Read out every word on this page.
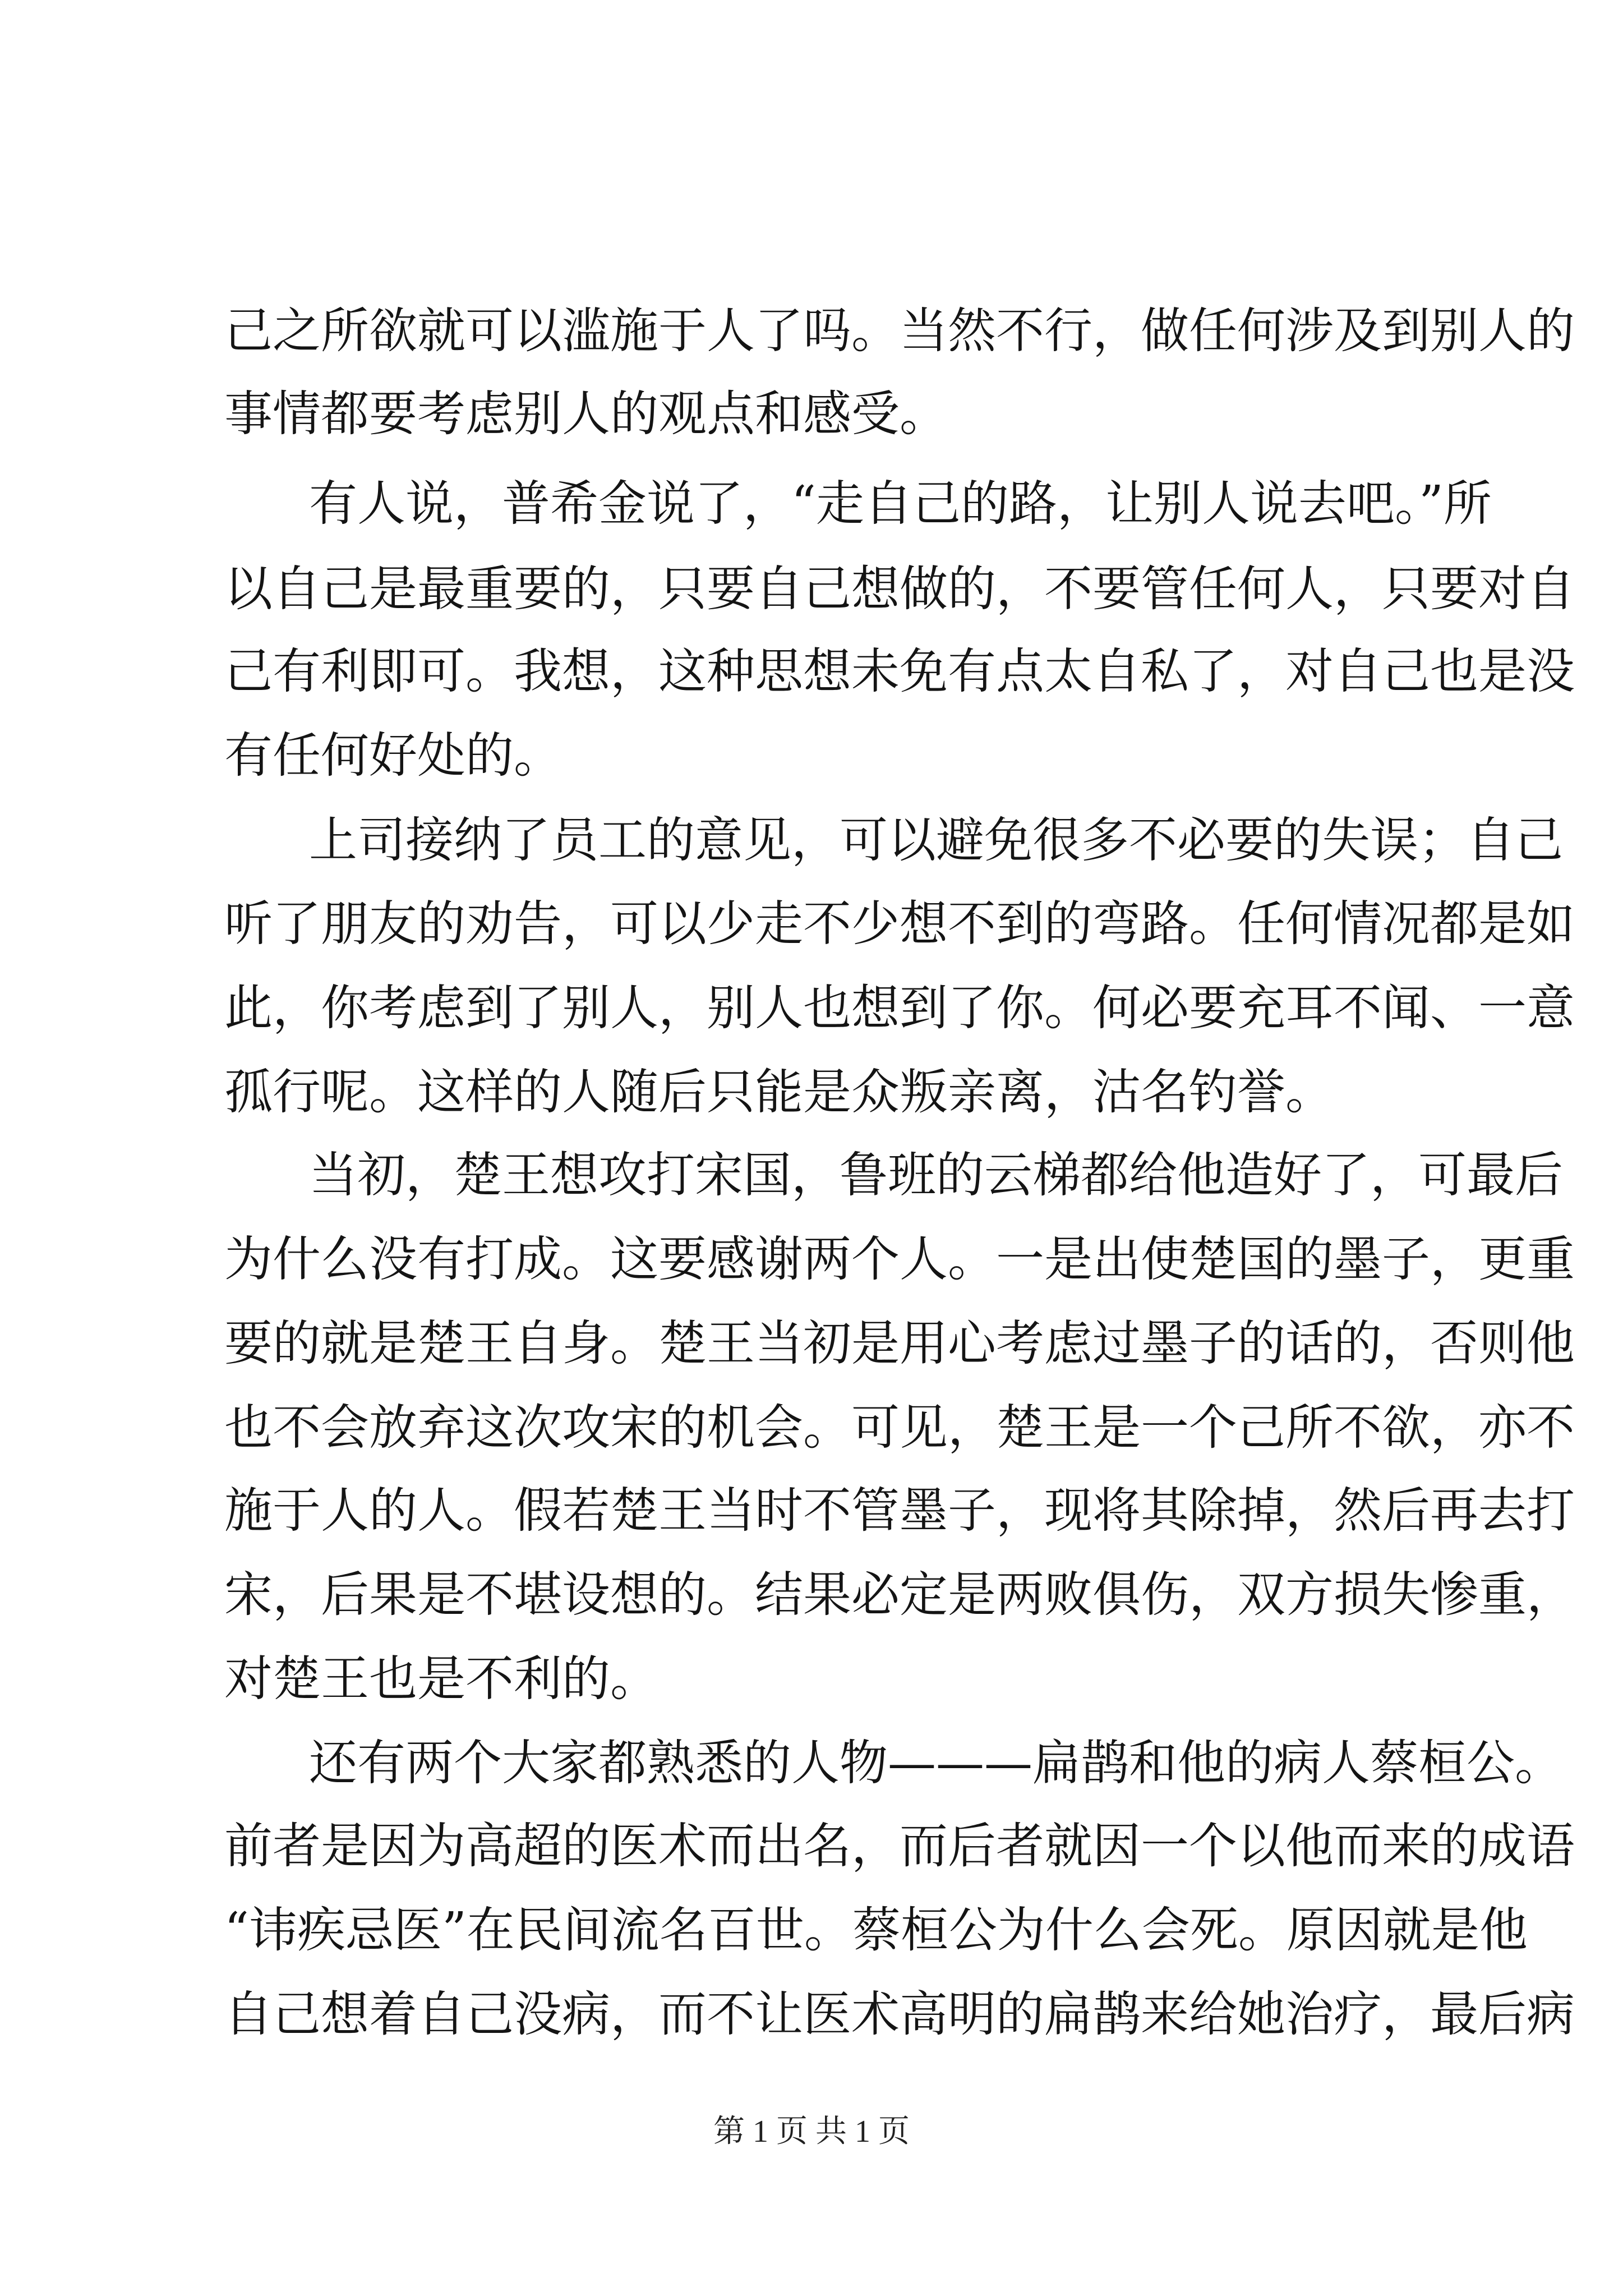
己之所欲就可以滥施于人了吗。当然不行，做任何涉及到别人的
事情都要考虑别人的观点和感受。
有人说，普希金说了，“走自己的路，让别人说去吧。”所
以自己是最重要的，只要自己想做的，不要管任何人，只要对自
己有利即可。我想，这种思想未免有点太自私了，对自己也是没
有任何好处的。
上司接纳了员工的意见，可以避免很多不必要的失误；自己
听了朋友的劝告，可以少走不少想不到的弯路。任何情况都是如
此，你考虑到了别人，别人也想到了你。何必要充耳不闻、一意
孤行呢。这样的人随后只能是众叛亲离，沽名钓誉。
当初，楚王想攻打宋国，鲁班的云梯都给他造好了，可最后
为什么没有打成。这要感谢两个人。一是出使楚国的墨子，更重
要的就是楚王自身。楚王当初是用心考虑过墨子的话的，否则他
也不会放弃这次攻宋的机会。可见，楚王是一个己所不欲，亦不
施于人的人。假若楚王当时不管墨子，现将其除掉，然后再去打
宋，后果是不堪设想的。结果必定是两败俱伤，双方损失惨重，
对楚王也是不利的。
还有两个大家都熟悉的人物———扁鹊和他的病人蔡桓公。
前者是因为高超的医术而出名，而后者就因一个以他而来的成语
“讳疾忌医”在民间流名百世。蔡桓公为什么会死。原因就是他
自己想着自己没病，而不让医术高明的扁鹊来给她治疗，最后病
第 1 页 共 1 页
